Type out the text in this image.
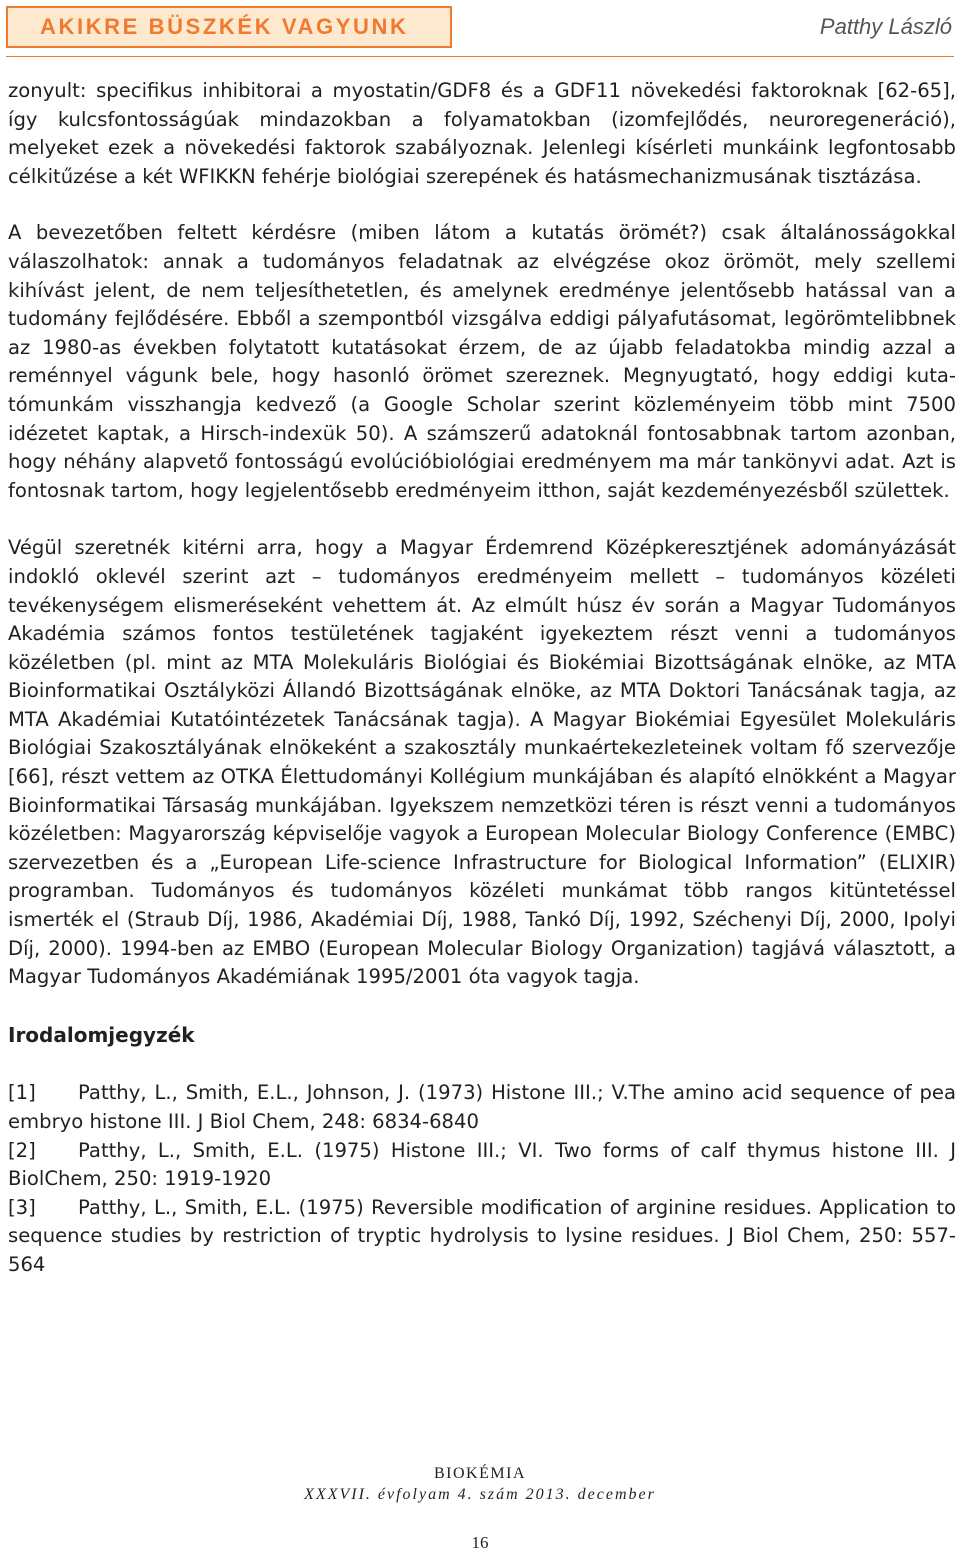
AKIKRE BÜSZKÉK VAGYUNK	Patthy László

zonyult: specifikus inhibitorai a myostatin/GDF8 és a GDF11 növekedési faktoroknak [62-65], így kulcsfontosságúak mindazokban a folyamatokban (izomfejlődés, neuroregeneráció), melyeket ezek a növekedési faktorok szabályoznak. Jelenlegi kísérleti munkáink legfontosabb célkitűzése a két WFIKKN fehérje biológiai szerepének és hatásmechanizmusának tisztázása.

A bevezetőben feltett kérdésre (miben látom a kutatás örömét?) csak általánosságokkal válaszolhatok: annak a tudományos feladatnak az elvégzése okoz örömöt, mely szellemi kihívást jelent, de nem teljesíthetetlen, és amelynek eredménye jelentősebb hatással van a tudomány fejlődésére. Ebből a szempontból vizsgálva eddigi pályafutásomat, legörömtelibbnek az 1980-as években folytatott kutatásokat érzem, de az újabb feladatokba mindig azzal a reménnyel vágunk bele, hogy hasonló örömet szereznek. Megnyugtató, hogy eddigi kutatómunkám visszhangja kedvező (a Google Scholar szerint közleményeim több mint 7500 idézetet kaptak, a Hirsch-indexük 50). A számszerű adatoknál fontosabbnak tartom azonban, hogy néhány alapvető fontosságú evolúcióbiológiai eredményem ma már tankönyvi adat. Azt is fontosnak tartom, hogy legjelentősebb eredményeim itthon, saját kezdeményezésből születtek.

Végül szeretnék kitérni arra, hogy a Magyar Érdemrend Középkeresztjének adományázását indokló oklevél szerint azt – tudományos eredményeim mellett – tudományos közéleti tevékenységem elismeréseként vehettem át. Az elmúlt húsz év során a Magyar Tudományos Akadémia számos fontos testületének tagjaként igyekeztem részt venni a tudományos közéletben (pl. mint az MTA Molekuláris Biológiai és Biokémiai Bizottságának elnöke, az MTA Bioinformatikai Osztályközi Állandó Bizottságának elnöke, az MTA Doktori Tanácsának tagja, az MTA Akadémiai Kutatóintézetek Tanácsának tagja). A Magyar Biokémiai Egyesület Molekuláris Biológiai Szakosztályának elnökeként a szakosztály munkaértekezleteinek voltam fő szervezője [66], részt vettem az OTKA Élettudományi Kollégium munkájában és alapító elnökként a Magyar Bioinformatikai Társaság munkájában. Igyekszem nemzetközi téren is részt venni a tudományos közéletben: Magyarország képviselője vagyok a European Molecular Biology Conference (EMBC) szervezetben és a „European Life-science Infrastructure for Biological Information” (ELIXIR) programban. Tudományos és tudományos közéleti munkámat több rangos kitüntetéssel ismerték el (Straub Díj, 1986, Akadémiai Díj, 1988, Tankó Díj, 1992, Széchenyi Díj, 2000, Ipolyi Díj, 2000). 1994-ben az EMBO (European Molecular Biology Organization) tagjává választott, a Magyar Tudományos Akadémiának 1995/2001 óta vagyok tagja.

Irodalomjegyzék

[1] Patthy, L., Smith, E.L., Johnson, J. (1973) Histone III.; V.The amino acid sequence of pea embryo histone III. J Biol Chem, 248: 6834-6840

[2] Patthy, L., Smith, E.L. (1975) Histone III.; VI. Two forms of calf thymus histone III. J BiolChem, 250: 1919-1920

[3] Patthy, L., Smith, E.L. (1975) Reversible modification of arginine residues. Application to sequence studies by restriction of tryptic hydrolysis to lysine residues. J Biol Chem, 250: 557-564

BIOKÉMIA
XXXVII. évfolyam 4. szám 2013. december
16
